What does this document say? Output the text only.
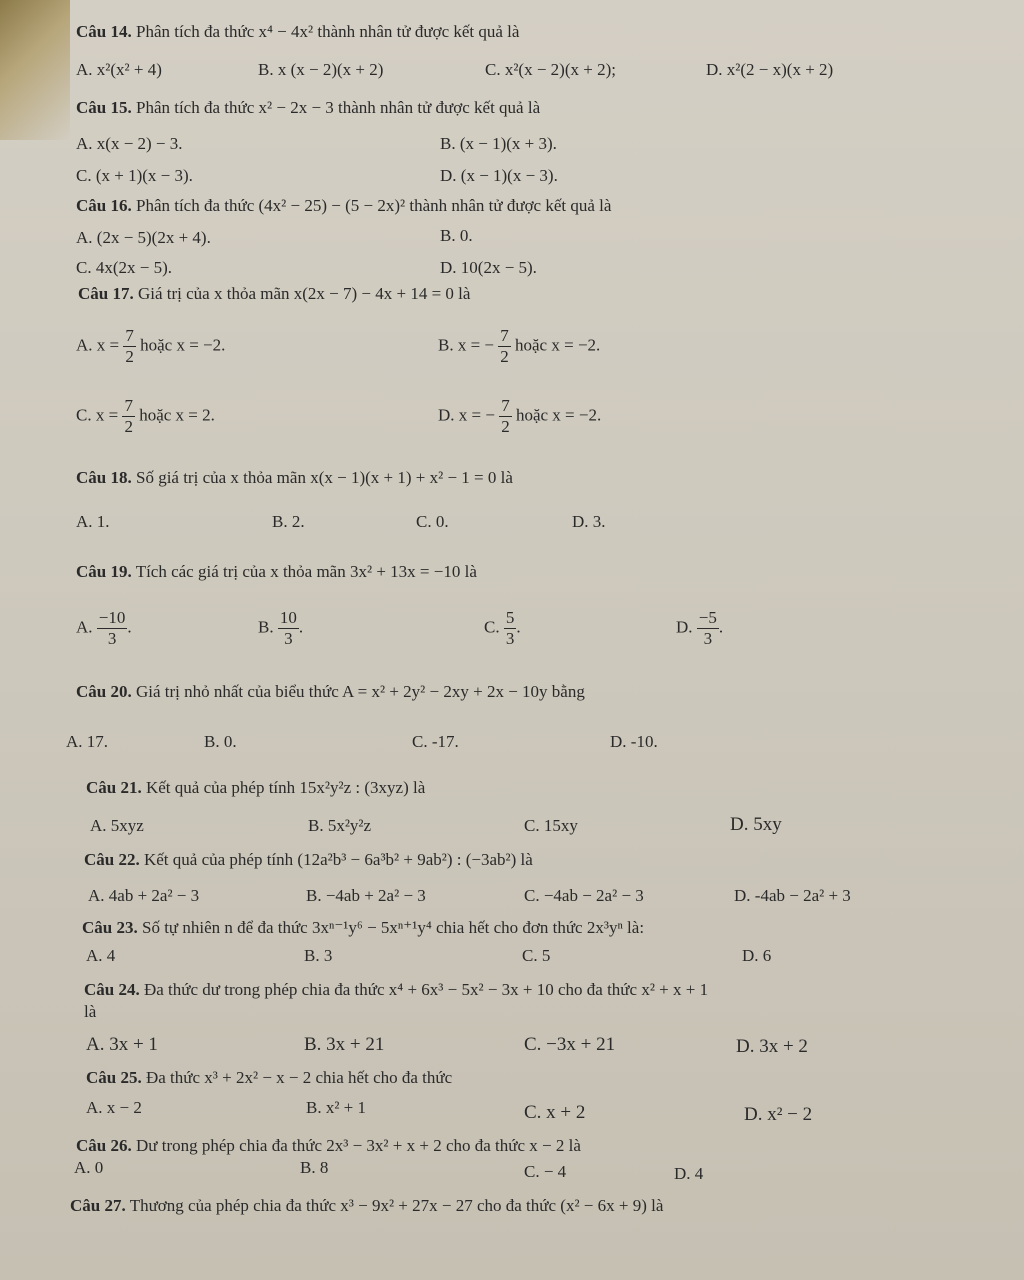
Câu 14. Phân tích đa thức x⁴ − 4x² thành nhân tử được kết quả là
A. x²(x² + 4)	B. x (x − 2)(x + 2)	C. x²(x − 2)(x + 2);	D. x²(2 − x)(x + 2)
Câu 15. Phân tích đa thức x² − 2x − 3 thành nhân tử được kết quả là
A. x(x − 2) − 3.	B. (x − 1)(x + 3).
C. (x + 1)(x − 3).	D. (x − 1)(x − 3).
Câu 16. Phân tích đa thức (4x² − 25) − (5 − 2x)² thành nhân tử được kết quả là
A. (2x − 5)(2x + 4).	B. 0.
C. 4x(2x − 5).	D. 10(2x − 5).
Câu 17. Giá trị của x thỏa mãn x(2x − 7) − 4x + 14 = 0 là
A. $x = \frac{7}{2}$ hoặc x = −2.	B. x = − $\frac{7}{2}$ hoặc x = −2.
C. $x = \frac{7}{2}$ hoặc x = 2.	D. x = − $\frac{7}{2}$ hoặc x = −2.
Câu 18. Số giá trị của x thỏa mãn x(x − 1)(x + 1) + x² − 1 = 0 là
A. 1.	B. 2.	C. 0.	D. 3.
Câu 19. Tích các giá trị của x thỏa mãn 3x² + 13x = −10 là
A. $\frac{-10}{3}$ .	B. $\frac{10}{3}$ .	C. $\frac{5}{3}$ .	D. $\frac{-5}{3}$ .
Câu 20. Giá trị nhỏ nhất của biểu thức A = x² + 2y² − 2xy + 2x − 10y bằng
A. 17.	B. 0.	C. -17.	D. -10.
Câu 21. Kết quả của phép tính 15x²y²z : (3xyz) là
A. 5xyz	B. 5x²y²z	C. 15xy	D. 5xy
Câu 22. Kết quả của phép tính (12a²b³ − 6a³b² + 9ab²) : (−3ab²) là
A. 4ab + 2a² − 3	B. −4ab + 2a² − 3	C. −4ab − 2a² − 3	D. -4ab − 2a² + 3
Câu 23. Số tự nhiên n để đa thức 3xⁿ⁻¹y⁶ − 5xⁿ⁺¹y⁴ chia hết cho đơn thức 2x³yⁿ là:
A. 4	B. 3	C. 5	D. 6
Câu 24. Đa thức dư trong phép chia đa thức x⁴ + 6x³ − 5x² − 3x + 10 cho đa thức x² + x + 1
là
A. 3x + 1	B. 3x + 21	C. −3x + 21	D. 3x + 2
Câu 25. Đa thức x³ + 2x² − x − 2 chia hết cho đa thức
A. x − 2	B. x² + 1	C. x + 2	D. x² − 2
Câu 26. Dư trong phép chia đa thức 2x³ − 3x² + x + 2 cho đa thức x − 2 là
A. 0	B. 8	C. − 4	D. 4
Câu 27. Thương của phép chia đa thức x³ − 9x² + 27x − 27 cho đa thức (x² − 6x + 9) là
